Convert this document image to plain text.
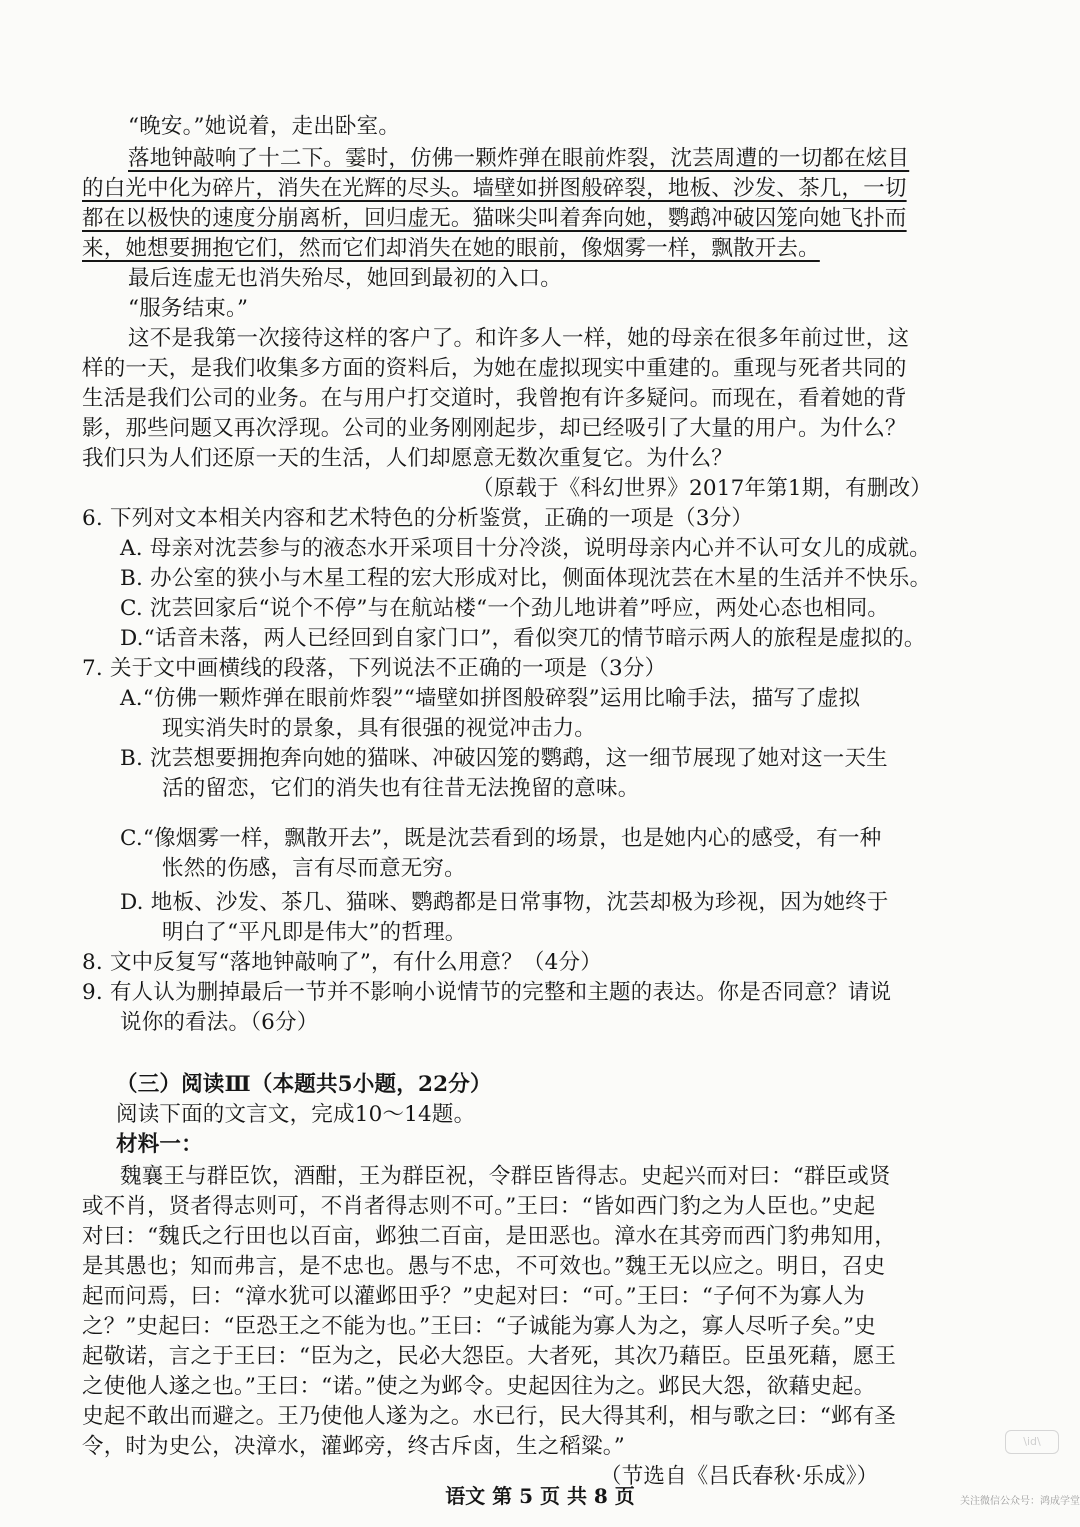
“晚安。”她说着，走出卧室。
落地钟敲响了十二下。霎时，仿佛一颗炸弹在眼前炸裂，沈芸周遭的一切都在炫目
的白光中化为碎片，消失在光辉的尽头。墙壁如拼图般碎裂，地板、沙发、茶几，一切
都在以极快的速度分崩离析，回归虚无。猫咪尖叫着奔向她，鹦鹉冲破囚笼向她飞扑而
来，她想要拥抱它们，然而它们却消失在她的眼前，像烟雾一样，飘散开去。
最后连虚无也消失殆尽，她回到最初的入口。
“服务结束。”
这不是我第一次接待这样的客户了。和许多人一样，她的母亲在很多年前过世，这
样的一天，是我们收集多方面的资料后，为她在虚拟现实中重建的。重现与死者共同的
生活是我们公司的业务。在与用户打交道时，我曾抱有许多疑问。而现在，看着她的背
影，那些问题又再次浮现。公司的业务刚刚起步，却已经吸引了大量的用户。为什么？
我们只为人们还原一天的生活，人们却愿意无数次重复它。为什么？
（原载于《科幻世界》2017年第1期，有删改）
6. 下列对文本相关内容和艺术特色的分析鉴赏，正确的一项是（3分）
A. 母亲对沈芸参与的液态水开采项目十分冷淡，说明母亲内心并不认可女儿的成就。
B. 办公室的狭小与木星工程的宏大形成对比，侧面体现沈芸在木星的生活并不快乐。
C. 沈芸回家后“说个不停”与在航站楼“一个劲儿地讲着”呼应，两处心态也相同。
D.“话音未落，两人已经回到自家门口”，看似突兀的情节暗示两人的旅程是虚拟的。
7. 关于文中画横线的段落，下列说法不正确的一项是（3分）
A.“仿佛一颗炸弹在眼前炸裂”“墙壁如拼图般碎裂”运用比喻手法，描写了虚拟
现实消失时的景象，具有很强的视觉冲击力。
B. 沈芸想要拥抱奔向她的猫咪、冲破囚笼的鹦鹉，这一细节展现了她对这一天生
活的留恋，它们的消失也有往昔无法挽留的意味。
C.“像烟雾一样，飘散开去”，既是沈芸看到的场景，也是她内心的感受，有一种
怅然的伤感，言有尽而意无穷。
D. 地板、沙发、茶几、猫咪、鹦鹉都是日常事物，沈芸却极为珍视，因为她终于
明白了“平凡即是伟大”的哲理。
8. 文中反复写“落地钟敲响了”，有什么用意？（4分）
9. 有人认为删掉最后一节并不影响小说情节的完整和主题的表达。你是否同意？请说
说你的看法。（6分）
（三）阅读Ⅲ（本题共5小题，22分）
阅读下面的文言文，完成10～14题。
材料一：
魏襄王与群臣饮，酒酣，王为群臣祝，令群臣皆得志。史起兴而对曰：“群臣或贤
或不肖，贤者得志则可，不肖者得志则不可。”王曰：“皆如西门豹之为人臣也。”史起
对曰：“魏氏之行田也以百亩，邺独二百亩，是田恶也。漳水在其旁而西门豹弗知用，
是其愚也；知而弗言，是不忠也。愚与不忠，不可效也。”魏王无以应之。明日，召史
起而问焉，曰：“漳水犹可以灌邺田乎？”史起对曰：“可。”王曰：“子何不为寡人为
之？”史起曰：“臣恐王之不能为也。”王曰：“子诚能为寡人为之，寡人尽听子矣。”史
起敬诺，言之于王曰：“臣为之，民必大怨臣。大者死，其次乃藉臣。臣虽死藉，愿王
之使他人遂之也。”王曰：“诺。”使之为邺令。史起因往为之。邺民大怨，欲藉史起。
史起不敢出而避之。王乃使他人遂为之。水已行，民大得其利，相与歌之曰：“邺有圣
令，时为史公，决漳水，灌邺旁，终古斥卤，生之稻粱。”
（节选自《吕氏春秋·乐成》）
语文 第 5 页 共 8 页	关注微信公众号：鸿成学堂
\id\
